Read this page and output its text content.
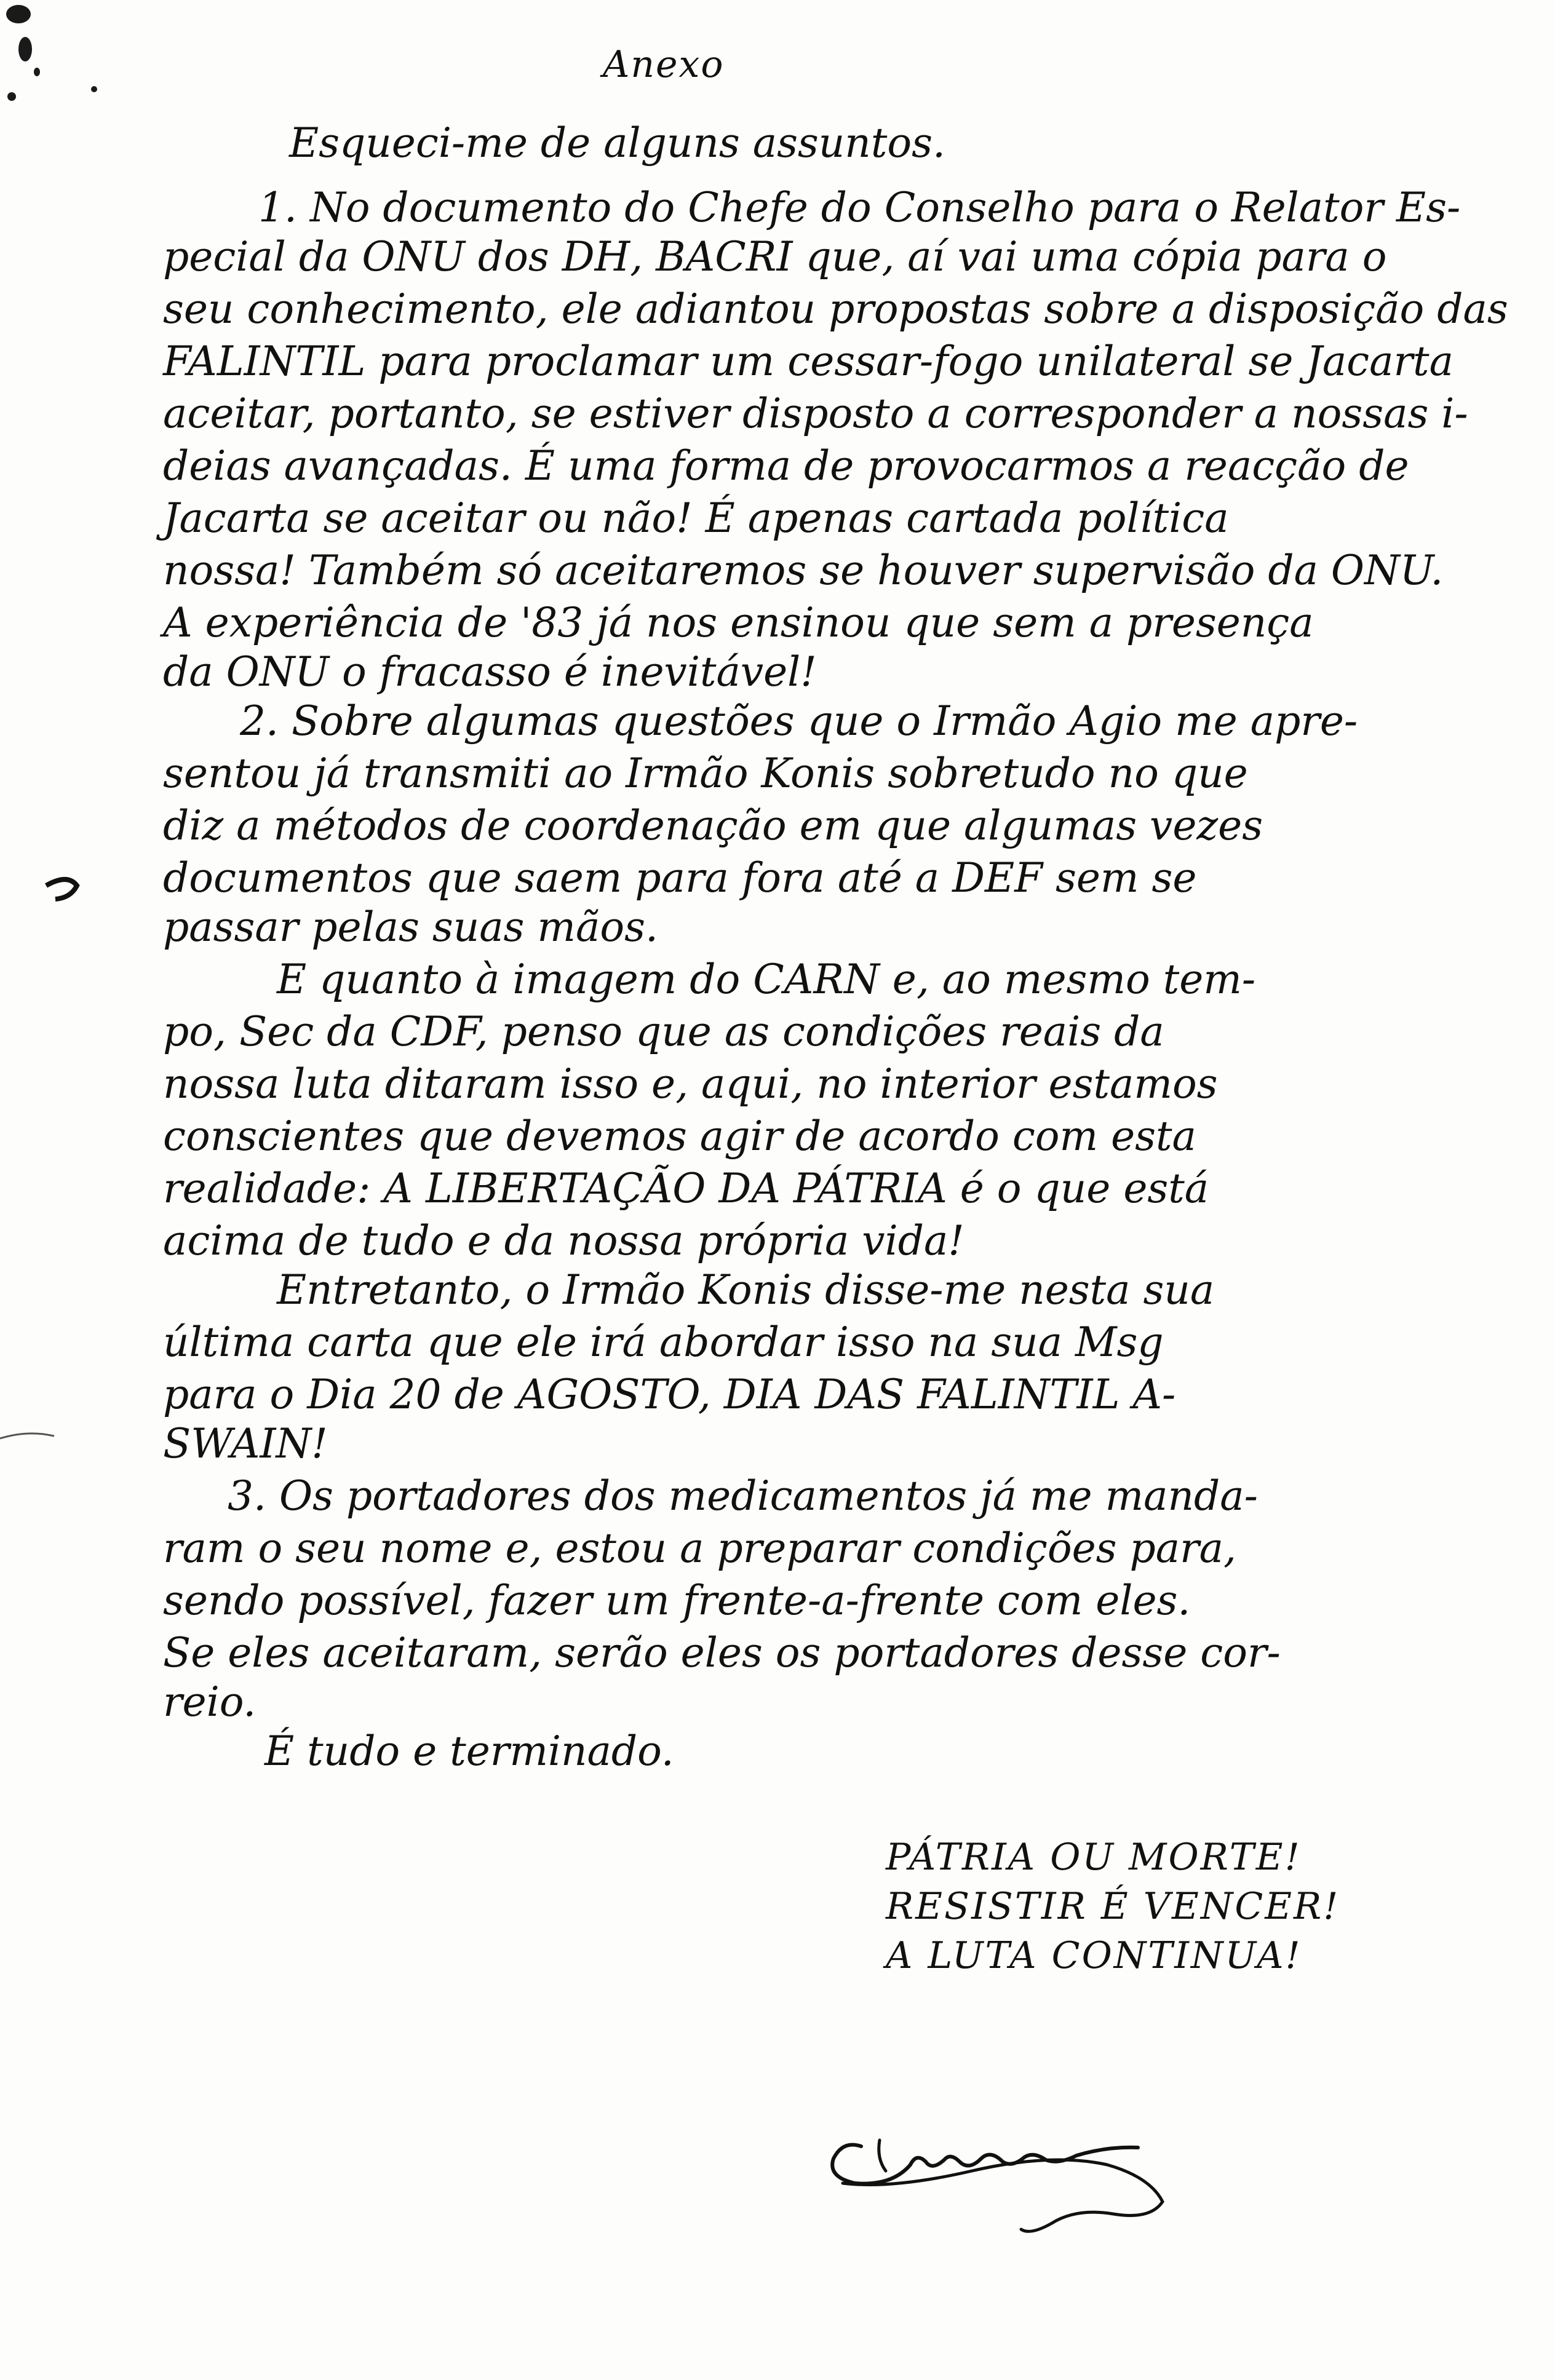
Anexo
Esqueci-me de alguns assuntos.
1. No documento do Chefe do Conselho para o Relator Es-
pecial da ONU dos DH, BACRI que, aí vai uma cópia para o
seu conhecimento, ele adiantou propostas sobre a disposição das
FALINTIL para proclamar um cessar-fogo unilateral se Jacarta
aceitar, portanto, se estiver disposto a corresponder a nossas i-
deias avançadas. É uma forma de provocarmos a reacção de
Jacarta se aceitar ou não! É apenas cartada política
nossa! Também só aceitaremos se houver supervisão da ONU.
A experiência de '83 já nos ensinou que sem a presença
da ONU o fracasso é inevitável!
2. Sobre algumas questões que o Irmão Agio me apre-
sentou já transmiti ao Irmão Konis sobretudo no que
diz a métodos de coordenação em que algumas vezes
documentos que saem para fora até a DEF sem se
passar pelas suas mãos.
E quanto à imagem do CARN e, ao mesmo tem-
po, Sec da CDF, penso que as condições reais da
nossa luta ditaram isso e, aqui, no interior estamos
conscientes que devemos agir de acordo com esta
realidade: A LIBERTAÇÃO DA PÁTRIA é o que está
acima de tudo e da nossa própria vida!
Entretanto, o Irmão Konis disse-me nesta sua
última carta que ele irá abordar isso na sua Msg
para o Dia 20 de AGOSTO, DIA DAS FALINTIL A-
SWAIN!
3. Os portadores dos medicamentos já me manda-
ram o seu nome e, estou a preparar condições para,
sendo possível, fazer um frente-a-frente com eles.
Se eles aceitaram, serão eles os portadores desse cor-
reio.
É tudo e terminado.
PÁTRIA OU MORTE!
RESISTIR É VENCER!
A LUTA CONTINUA!
